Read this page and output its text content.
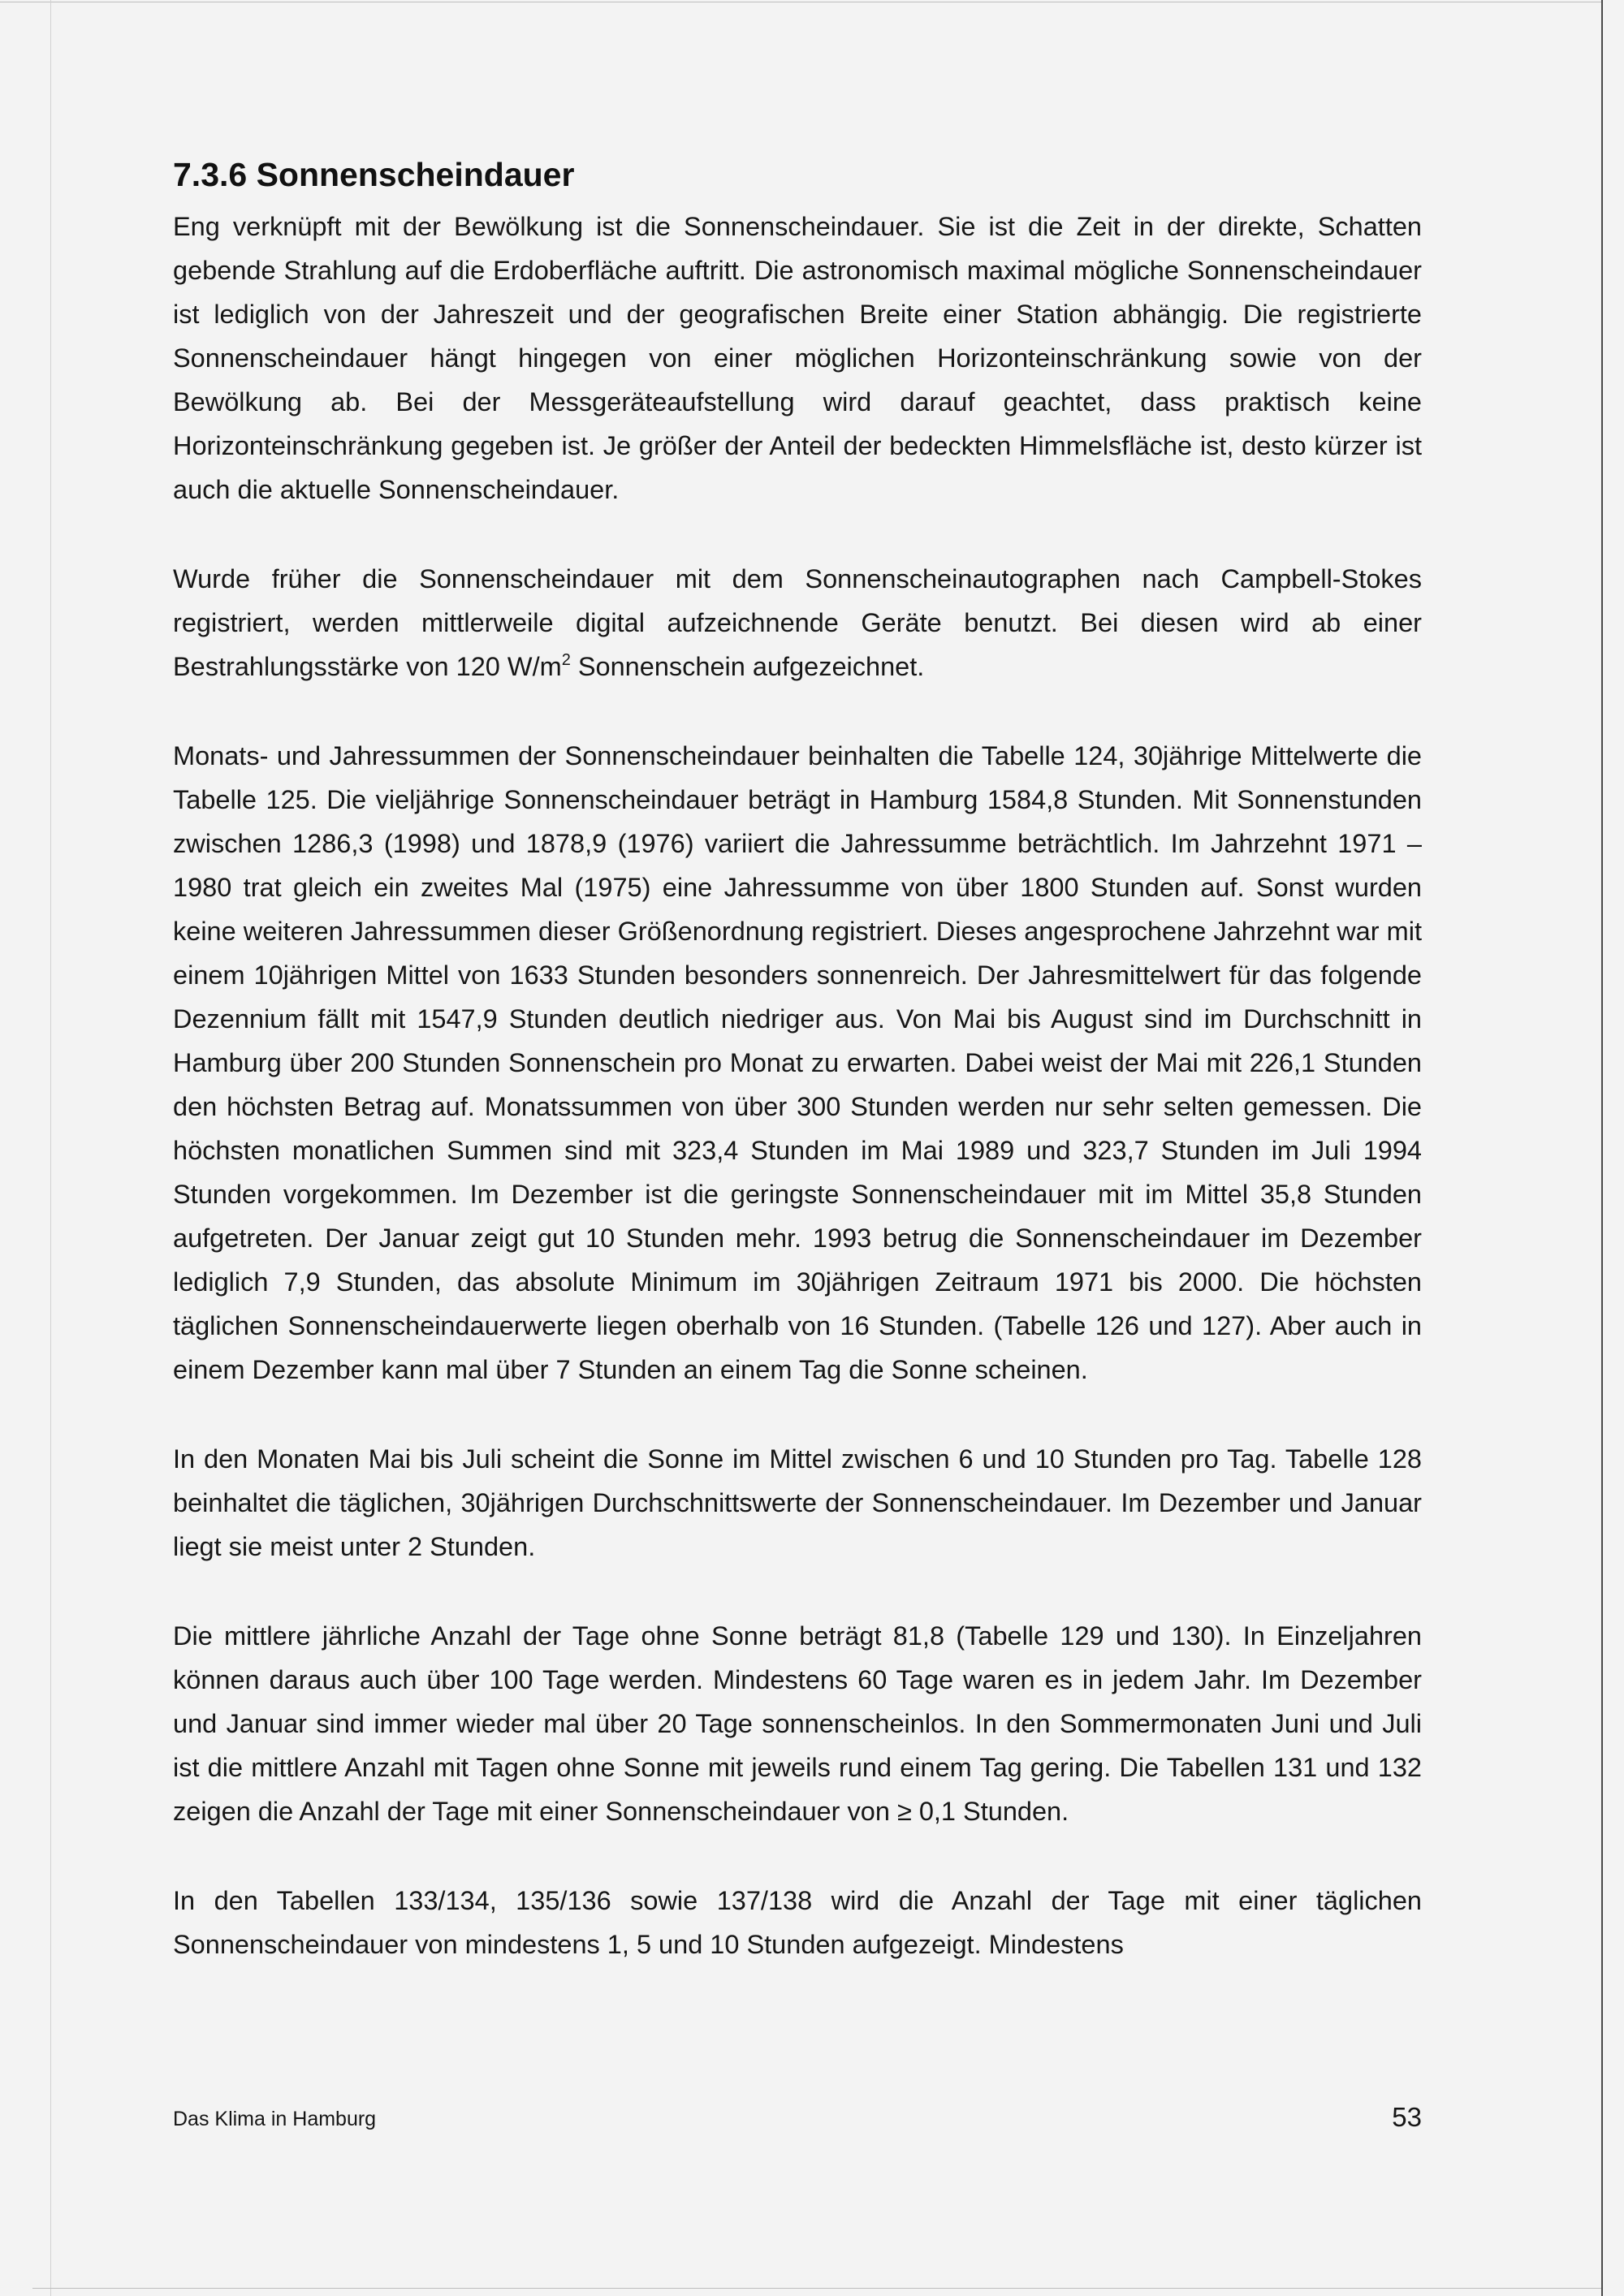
7.3.6 Sonnenscheindauer

Eng verknüpft mit der Bewölkung ist die Sonnenscheindauer. Sie ist die Zeit in der direkte, Schatten gebende Strahlung auf die Erdoberfläche auftritt. Die astronomisch maximal mögliche Sonnenscheindauer ist lediglich von der Jahreszeit und der geografischen Breite einer Station abhängig. Die registrierte Sonnenscheindauer hängt hingegen von einer möglichen Horizonteinschränkung sowie von der Bewölkung ab. Bei der Messgeräteaufstellung wird darauf geachtet, dass praktisch keine Horizonteinschränkung gegeben ist. Je größer der Anteil der bedeckten Himmelsfläche ist, desto kürzer ist auch die aktuelle Sonnenscheindauer.

Wurde früher die Sonnenscheindauer mit dem Sonnenscheinautographen nach Campbell-Stokes registriert, werden mittlerweile digital aufzeichnende Geräte benutzt. Bei diesen wird ab einer Bestrahlungsstärke von 120 $W/m^2$ Sonnenschein aufgezeichnet.

Monats- und Jahressummen der Sonnenscheindauer beinhalten die Tabelle 124, 30jährige Mittelwerte die Tabelle 125. Die vieljährige Sonnenscheindauer beträgt in Hamburg 1584,8 Stunden. Mit Sonnenstunden zwischen 1286,3 (1998) und 1878,9 (1976) variiert die Jahressumme beträchtlich. Im Jahrzehnt 1971 – 1980 trat gleich ein zweites Mal (1975) eine Jahressumme von über 1800 Stunden auf. Sonst wurden keine weiteren Jahressummen dieser Größenordnung registriert. Dieses angesprochene Jahrzehnt war mit einem 10jährigen Mittel von 1633 Stunden besonders sonnenreich. Der Jahresmittelwert für das folgende Dezennium fällt mit 1547,9 Stunden deutlich niedriger aus. Von Mai bis August sind im Durchschnitt in Hamburg über 200 Stunden Sonnenschein pro Monat zu erwarten. Dabei weist der Mai mit 226,1 Stunden den höchsten Betrag auf. Monatssummen von über 300 Stunden werden nur sehr selten gemessen. Die höchsten monatlichen Summen sind mit 323,4 Stunden im Mai 1989 und 323,7 Stunden im Juli 1994 Stunden vorgekommen. Im Dezember ist die geringste Sonnenscheindauer mit im Mittel 35,8 Stunden aufgetreten. Der Januar zeigt gut 10 Stunden mehr. 1993 betrug die Sonnenscheindauer im Dezember lediglich 7,9 Stunden, das absolute Minimum im 30jährigen Zeitraum 1971 bis 2000. Die höchsten täglichen Sonnenscheindauerwerte liegen oberhalb von 16 Stunden. (Tabelle 126 und 127). Aber auch in einem Dezember kann mal über 7 Stunden an einem Tag die Sonne scheinen.

In den Monaten Mai bis Juli scheint die Sonne im Mittel zwischen 6 und 10 Stunden pro Tag. Tabelle 128 beinhaltet die täglichen, 30jährigen Durchschnittswerte der Sonnenscheindauer. Im Dezember und Januar liegt sie meist unter 2 Stunden.

Die mittlere jährliche Anzahl der Tage ohne Sonne beträgt 81,8 (Tabelle 129 und 130). In Einzeljahren können daraus auch über 100 Tage werden. Mindestens 60 Tage waren es in jedem Jahr. Im Dezember und Januar sind immer wieder mal über 20 Tage sonnenscheinlos. In den Sommermonaten Juni und Juli ist die mittlere Anzahl mit Tagen ohne Sonne mit jeweils rund einem Tag gering. Die Tabellen 131 und 132 zeigen die Anzahl der Tage mit einer Sonnenscheindauer von ≥ 0,1 Stunden.

In den Tabellen 133/134, 135/136 sowie 137/138 wird die Anzahl der Tage mit einer täglichen Sonnenscheindauer von mindestens 1, 5 und 10 Stunden aufgezeigt. Mindestens

Das Klima in Hamburg	53
